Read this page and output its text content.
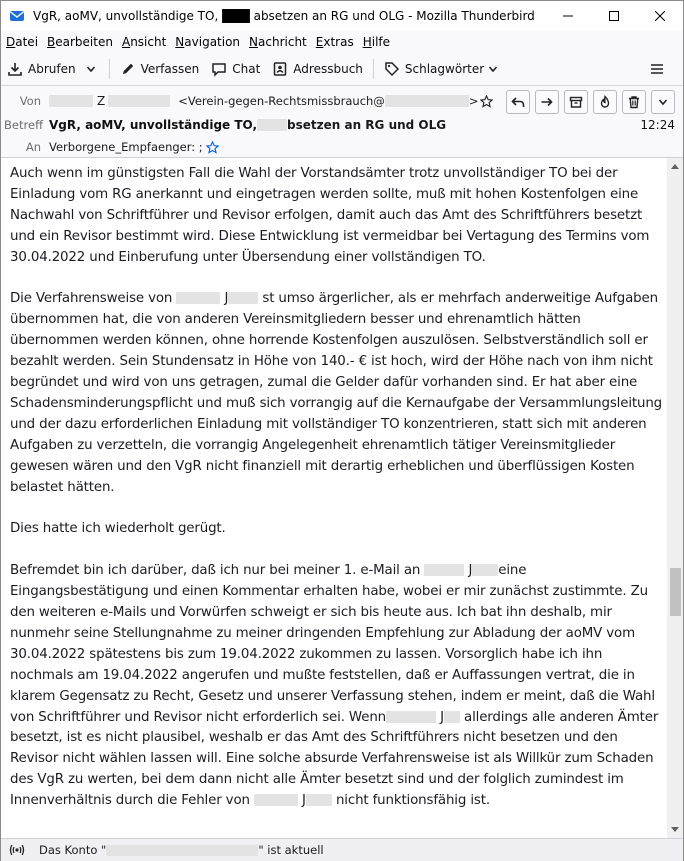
VgR, aoMV, unvollständige TO, ███ absetzen an RG und OLG - Mozilla Thunderbird
Datei Bearbeiten Ansicht Navigation Nachricht Extras Hilfe
Abrufen	Verfassen	Chat	Adressbuch	Schlagwörter
Von	Z	<Verein-gegen-Rechtsmissbrauch@	>
Betreff VgR, aoMV, unvollständige TO,	bsetzen an RG und OLG	12:24
An Verborgene_Empfaenger: ;

Auch wenn im günstigsten Fall die Wahl der Vorstandsämter trotz unvollständiger TO bei der Einladung vom RG anerkannt und eingetragen werden sollte, muß mit hohen Kostenfolgen eine Nachwahl von Schriftführer und Revisor erfolgen, damit auch das Amt des Schriftführers besetzt und ein Revisor bestimmt wird. Diese Entwicklung ist vermeidbar bei Vertagung des Termins vom 30.04.2022 und Einberufung unter Übersendung einer vollständigen TO.

Die Verfahrensweise von	J	st umso ärgerlicher, als er mehrfach anderweitige Aufgaben übernommen hat, die von anderen Vereinsmitgliedern besser und ehrenamtlich hätten übernommen werden können, ohne horrende Kostenfolgen auszulösen. Selbstverständlich soll er bezahlt werden. Sein Stundensatz in Höhe von 140.- € ist hoch, wird der Höhe nach von ihm nicht begründet und wird von uns getragen, zumal die Gelder dafür vorhanden sind. Er hat aber eine Schadensminderungspflicht und muß sich vorrangig auf die Kernaufgabe der Versammlungsleitung und der dazu erforderlichen Einladung mit vollständiger TO konzentrieren, statt sich mit anderen Aufgaben zu verzetteln, die vorrangig Angelegenheit ehrenamtlich tätiger Vereinsmitglieder gewesen wären und den VgR nicht finanziell mit derartig erheblichen und überflüssigen Kosten belastet hätten.

Dies hatte ich wiederholt gerügt.

Befremdet bin ich darüber, daß ich nur bei meiner 1. e-Mail an	J eine Eingangsbestätigung und einen Kommentar erhalten habe, wobei er mir zunächst zustimmte. Zu den weiteren e-Mails und Vorwürfen schweigt er sich bis heute aus. Ich bat ihn deshalb, mir nunmehr seine Stellungnahme zu meiner dringenden Empfehlung zur Abladung der aoMV vom 30.04.2022 spätestens bis zum 19.04.2022 zukommen zu lassen. Vorsorglich habe ich ihn nochmals am 19.04.2022 angerufen und mußte feststellen, daß er Auffassungen vertrat, die in klarem Gegensatz zu Recht, Gesetz und unserer Verfassung stehen, indem er meint, daß die Wahl von Schriftführer und Revisor nicht erforderlich sei. Wenn	J allerdings alle anderen Ämter besetzt, ist es nicht plausibel, weshalb er das Amt des Schriftführers nicht besetzen und den Revisor nicht wählen lassen will. Eine solche absurde Verfahrensweise ist als Willkür zum Schaden des VgR zu werten, bei dem dann nicht alle Ämter besetzt sind und der folglich zumindest im Innenverhältnis durch die Fehler von	J nicht funktionsfähig ist.

Das Konto "	" ist aktuell
